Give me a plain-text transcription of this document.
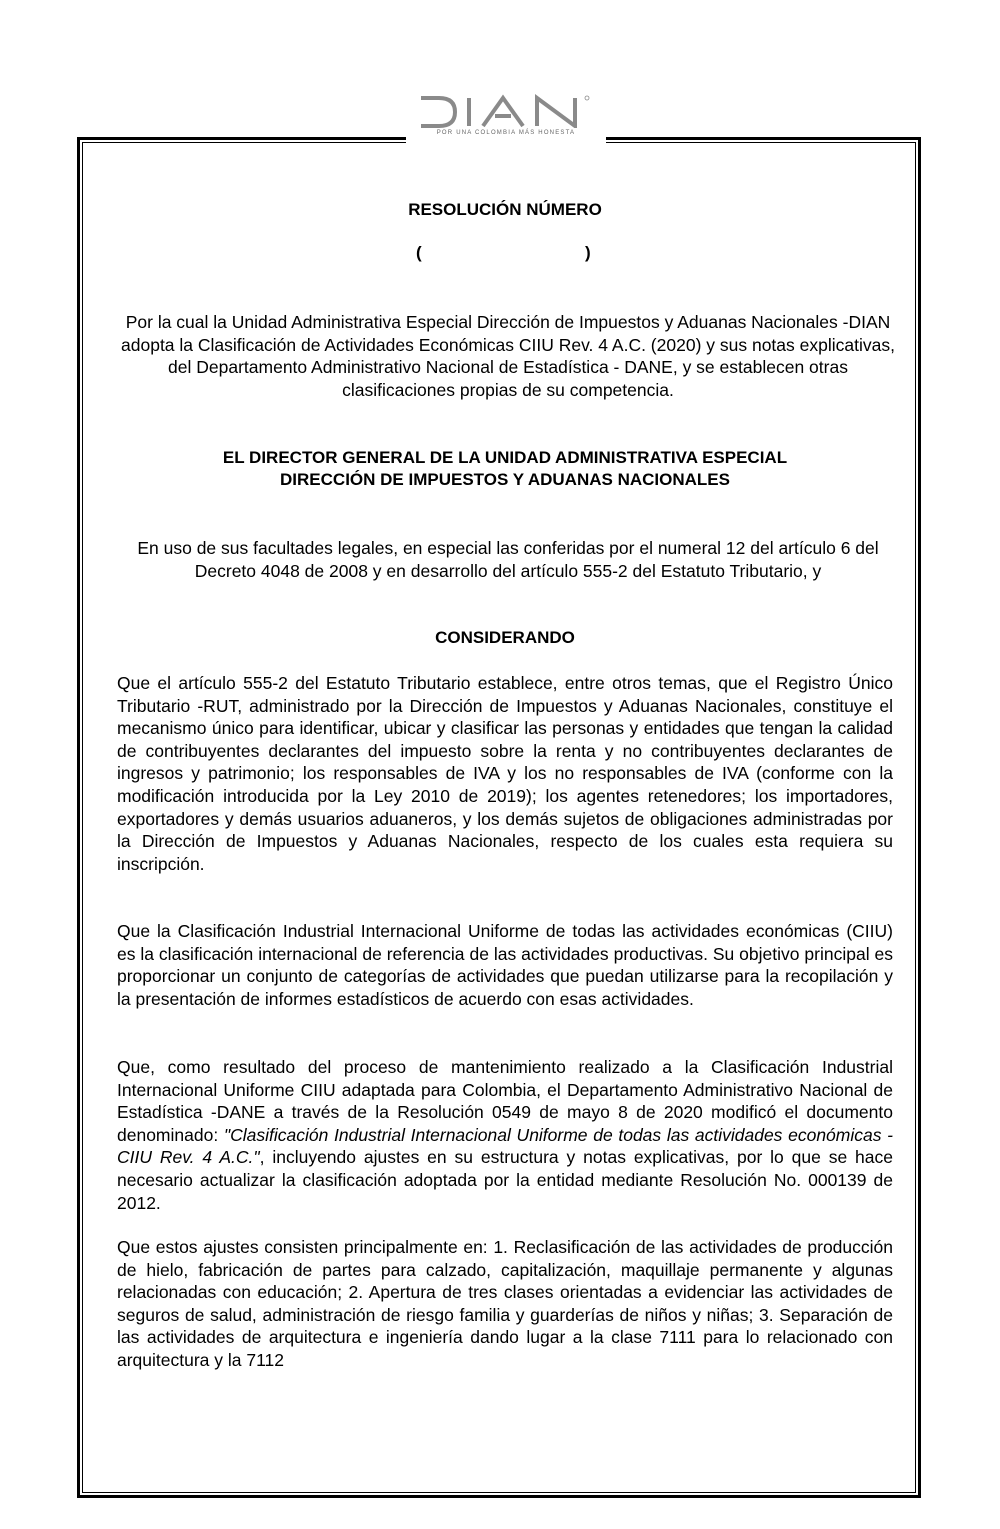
POR UNA COLOMBIA MÁS HONESTA
RESOLUCIÓN NÚMERO
(	)
Por la cual la Unidad Administrativa Especial Dirección de Impuestos y Aduanas Nacionales -DIAN adopta la Clasificación de Actividades Económicas CIIU Rev. 4 A.C. (2020) y sus notas explicativas, del Departamento Administrativo Nacional de Estadística - DANE, y se establecen otras clasificaciones propias de su competencia.
EL DIRECTOR GENERAL DE LA UNIDAD ADMINISTRATIVA ESPECIAL
DIRECCIÓN DE IMPUESTOS Y ADUANAS NACIONALES
En uso de sus facultades legales, en especial las conferidas por el numeral 12 del artículo 6 del Decreto 4048 de 2008 y en desarrollo del artículo 555-2 del Estatuto Tributario, y
CONSIDERANDO
Que el artículo 555-2 del Estatuto Tributario establece, entre otros temas, que el Registro Único Tributario -RUT, administrado por la Dirección de Impuestos y Aduanas Nacionales, constituye el mecanismo único para identificar, ubicar y clasificar las personas y entidades que tengan la calidad de contribuyentes declarantes del impuesto sobre la renta y no contribuyentes declarantes de ingresos y patrimonio; los responsables de IVA y los no responsables de IVA (conforme con la modificación introducida por la Ley 2010 de 2019); los agentes retenedores; los importadores, exportadores y demás usuarios aduaneros, y los demás sujetos de obligaciones administradas por la Dirección de Impuestos y Aduanas Nacionales, respecto de los cuales esta requiera su inscripción.
Que la Clasificación Industrial Internacional Uniforme de todas las actividades económicas (CIIU) es la clasificación internacional de referencia de las actividades productivas. Su objetivo principal es proporcionar un conjunto de categorías de actividades que puedan utilizarse para la recopilación y la presentación de informes estadísticos de acuerdo con esas actividades.
Que, como resultado del proceso de mantenimiento realizado a la Clasificación Industrial Internacional Uniforme CIIU adaptada para Colombia, el Departamento Administrativo Nacional de Estadística -DANE a través de la Resolución 0549 de mayo 8 de 2020 modificó el documento denominado: "Clasificación Industrial Internacional Uniforme de todas las actividades económicas -CIIU Rev. 4 A.C.", incluyendo ajustes en su estructura y notas explicativas, por lo que se hace necesario actualizar la clasificación adoptada por la entidad mediante Resolución No. 000139 de 2012.
Que estos ajustes consisten principalmente en: 1. Reclasificación de las actividades de producción de hielo, fabricación de partes para calzado, capitalización, maquillaje permanente y algunas relacionadas con educación; 2. Apertura de tres clases orientadas a evidenciar las actividades de seguros de salud, administración de riesgo familia y guarderías de niños y niñas; 3. Separación de las actividades de arquitectura e ingeniería dando lugar a la clase 7111 para lo relacionado con arquitectura y la 7112
